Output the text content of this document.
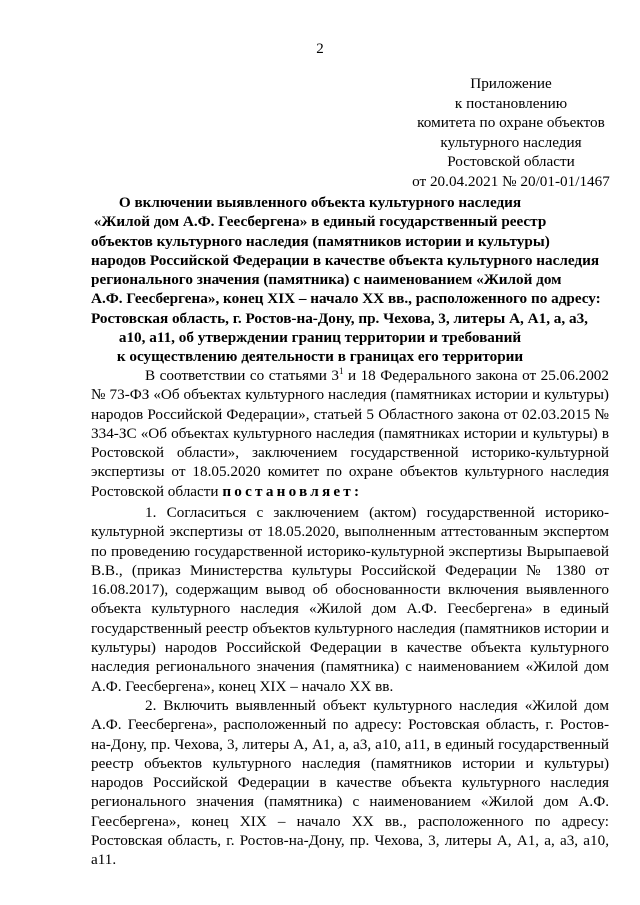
2
Приложение
к постановлению
комитета по охране объектов
культурного наследия
Ростовской области
от 20.04.2021 № 20/01-01/1467
О включении выявленного объекта культурного наследия
«Жилой дом А.Ф. Геесбергена» в единый государственный реестр
объектов культурного наследия (памятников истории и культуры)
народов Российской Федерации в качестве объекта культурного наследия
регионального значения (памятника) с наименованием «Жилой дом
А.Ф. Геесбергена», конец XIX – начало XX вв., расположенного по адресу:
Ростовская область, г. Ростов-на-Дону, пр. Чехова, 3, литеры А, А1, а, а3,
а10, а11, об утверждении границ территории и требований
к осуществлению деятельности в границах его территории

В соответствии со статьями $3^1$ и 18 Федерального закона от 25.06.2002 № 73-ФЗ «Об объектах культурного наследия (памятниках истории и культуры) народов Российской Федерации», статьей 5 Областного закона от 02.03.2015 № 334-ЗС «Об объектах культурного наследия (памятниках истории и культуры) в Ростовской области», заключением государственной историко-культурной экспертизы от 18.05.2020 комитет по охране объектов культурного наследия Ростовской области постановляет:

1. Согласиться с заключением (актом) государственной историко-культурной экспертизы от 18.05.2020, выполненным аттестованным экспертом по проведению государственной историко-культурной экспертизы Вырыпаевой В.В., (приказ Министерства культуры Российской Федерации № 1380 от 16.08.2017), содержащим вывод об обоснованности включения выявленного объекта культурного наследия «Жилой дом А.Ф. Геесбергена» в единый государственный реестр объектов культурного наследия (памятников истории и культуры) народов Российской Федерации в качестве объекта культурного наследия регионального значения (памятника) с наименованием «Жилой дом А.Ф. Геесбергена», конец XIX – начало XX вв.

2. Включить выявленный объект культурного наследия «Жилой дом А.Ф. Геесбергена», расположенный по адресу: Ростовская область, г. Ростов-на-Дону, пр. Чехова, 3, литеры А, А1, а, а3, а10, а11, в единый государственный реестр объектов культурного наследия (памятников истории и культуры) народов Российской Федерации в качестве объекта культурного наследия регионального значения (памятника) с наименованием «Жилой дом А.Ф. Геесбергена», конец XIX – начало XX вв., расположенного по адресу: Ростовская область, г. Ростов-на-Дону, пр. Чехова, 3, литеры А, А1, а, а3, а10, а11.
